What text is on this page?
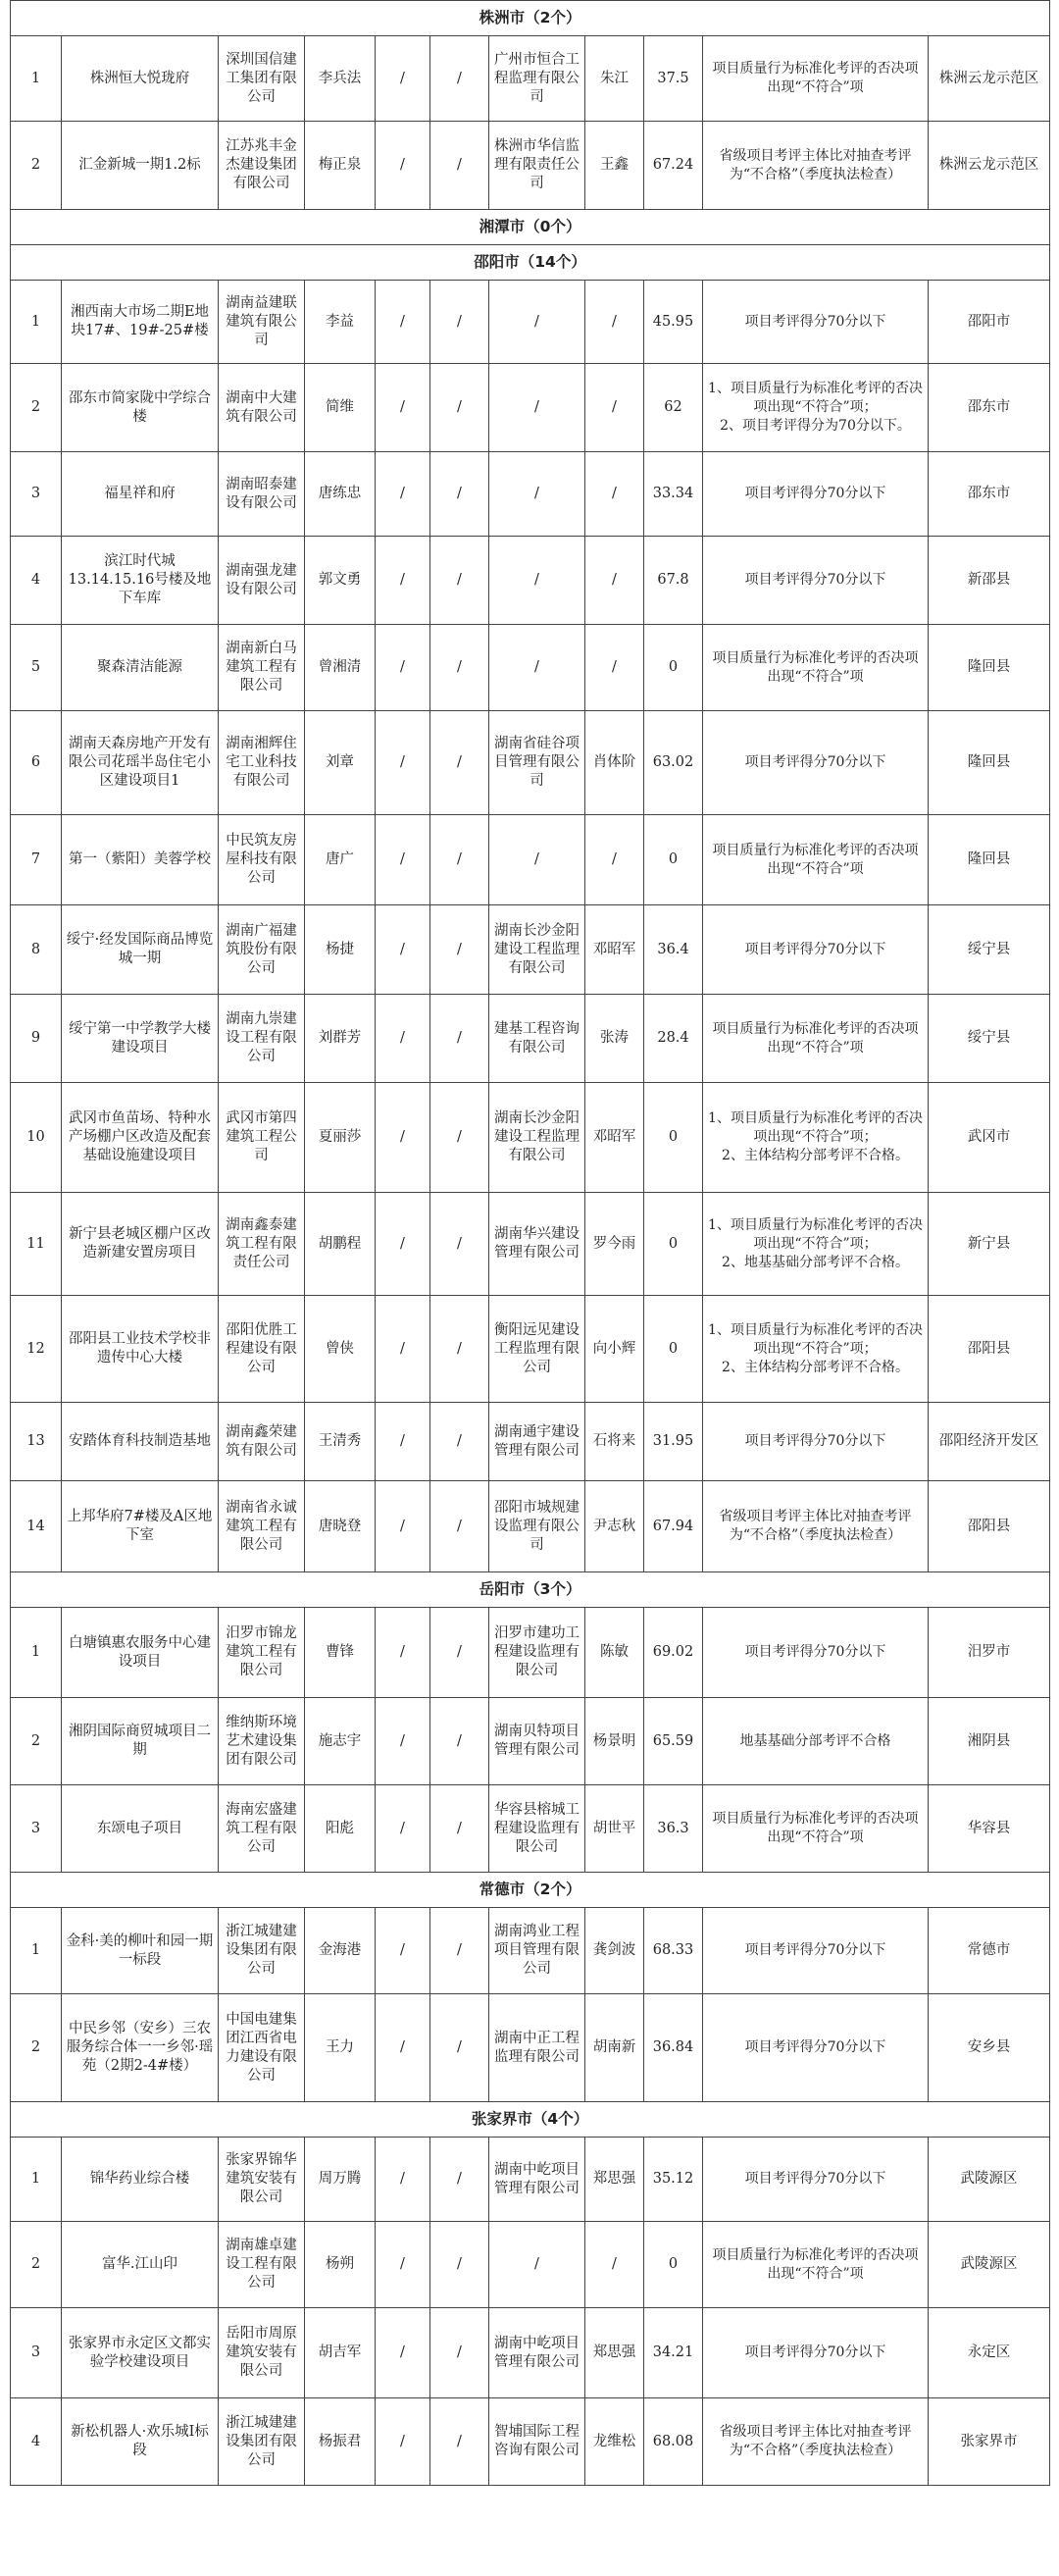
株洲市（2个）										
1	株洲恒大悦珑府	深圳国信建工集团有限公司	李兵法	/	/	广州市恒合工程监理有限公司	朱江	37.5	项目质量行为标准化考评的否决项出现“不符合”项	株洲云龙示范区
2	汇金新城一期1.2标	江苏兆丰金杰建设集团有限公司	梅正泉	/	/	株洲市华信监理有限责任公司	王鑫	67.24	省级项目考评主体比对抽查考评为“不合格”（季度执法检查）	株洲云龙示范区
湘潭市（0个）										
邵阳市（14个）										
1	湘西南大市场二期E地块17#、19#-25#楼	湖南益建联建筑有限公司	李益	/	/	/	/	45.95	项目考评得分70分以下	邵阳市
2	邵东市简家陇中学综合楼	湖南中大建筑有限公司	简维	/	/	/	/	62	1、项目质量行为标准化考评的否决项出现“不符合”项；
2、项目考评得分为70分以下。	邵东市
3	福星祥和府	湖南昭泰建设有限公司	唐练忠	/	/	/	/	33.34	项目考评得分70分以下	邵东市
4	滨江时代城13.14.15.16号楼及地下车库	湖南强龙建设有限公司	郭文勇	/	/	/	/	67.8	项目考评得分70分以下	新邵县
5	聚森清洁能源	湖南新白马建筑工程有限公司	曾湘清	/	/	/	/	0	项目质量行为标准化考评的否决项出现“不符合”项	隆回县
6	湖南天森房地产开发有限公司花瑶半岛住宅小区建设项目1	湖南湘辉住宅工业科技有限公司	刘章	/	/	湖南省硅谷项目管理有限公司	肖体阶	63.02	项目考评得分70分以下	隆回县
7	第一（紫阳）美蓉学校	中民筑友房屋科技有限公司	唐广	/	/	/	/	0	项目质量行为标准化考评的否决项出现“不符合”项	隆回县
8	绥宁·经发国际商品博览城一期	湖南广福建筑股份有限公司	杨捷	/	/	湖南长沙金阳建设工程监理有限公司	邓昭军	36.4	项目考评得分70分以下	绥宁县
9	绥宁第一中学教学大楼建设项目	湖南九崇建设工程有限公司	刘群芳	/	/	建基工程咨询有限公司	张涛	28.4	项目质量行为标准化考评的否决项出现“不符合”项	绥宁县
10	武冈市鱼苗场、特种水产场棚户区改造及配套基础设施建设项目	武冈市第四建筑工程公司	夏丽莎	/	/	湖南长沙金阳建设工程监理有限公司	邓昭军	0	1、项目质量行为标准化考评的否决项出现“不符合”项；
2、主体结构分部考评不合格。	武冈市
11	新宁县老城区棚户区改造新建安置房项目	湖南鑫泰建筑工程有限责任公司	胡鹏程	/	/	湖南华兴建设管理有限公司	罗今雨	0	1、项目质量行为标准化考评的否决项出现“不符合”项；
2、地基基础分部考评不合格。	新宁县
12	邵阳县工业技术学校非遗传中心大楼	邵阳优胜工程建设有限公司	曾侠	/	/	衡阳远见建设工程监理有限公司	向小辉	0	1、项目质量行为标准化考评的否决项出现“不符合”项；
2、主体结构分部考评不合格。	邵阳县
13	安踏体育科技制造基地	湖南鑫荣建筑有限公司	王清秀	/	/	湖南通宇建设管理有限公司	石将来	31.95	项目考评得分70分以下	邵阳经济开发区
14	上邦华府7#楼及A区地下室	湖南省永诚建筑工程有限公司	唐晓登	/	/	邵阳市城规建设监理有限公司	尹志秋	67.94	省级项目考评主体比对抽查考评为“不合格”（季度执法检查）	邵阳县
岳阳市（3个）										
1	白塘镇惠农服务中心建设项目	汨罗市锦龙建筑工程有限公司	曹锋	/	/	汨罗市建功工程建设监理有限公司	陈敏	69.02	项目考评得分70分以下	汨罗市
2	湘阴国际商贸城项目二期	维纳斯环境艺术建设集团有限公司	施志宇	/	/	湖南贝特项目管理有限公司	杨景明	65.59	地基基础分部考评不合格	湘阴县
3	东颂电子项目	海南宏盛建筑工程有限公司	阳彪	/	/	华容县榕城工程建设监理有限公司	胡世平	36.3	项目质量行为标准化考评的否决项出现“不符合”项	华容县
常德市（2个）										
1	金科·美的柳叶和园一期一标段	浙江城建建设集团有限公司	金海港	/	/	湖南鸿业工程项目管理有限公司	龚剑波	68.33	项目考评得分70分以下	常德市
2	中民乡邻（安乡）三农服务综合体一一乡邻·瑶苑（2期2-4#楼）	中国电建集团江西省电力建设有限公司	王力	/	/	湖南中正工程监理有限公司	胡南新	36.84	项目考评得分70分以下	安乡县
张家界市（4个）										
1	锦华药业综合楼	张家界锦华建筑安装有限公司	周万腾	/	/	湖南中屹项目管理有限公司	郑思强	35.12	项目考评得分70分以下	武陵源区
2	富华.江山印	湖南雄卓建设工程有限公司	杨朔	/	/	/	/	0	项目质量行为标准化考评的否决项出现“不符合”项	武陵源区
3	张家界市永定区文都实验学校建设项目	岳阳市周原建筑安装有限公司	胡吉军	/	/	湖南中屹项目管理有限公司	郑思强	34.21	项目考评得分70分以下	永定区
4	新松机器人·欢乐城Ⅰ标段	浙江城建建设集团有限公司	杨振君	/	/	智埔国际工程咨询有限公司	龙维松	68.08	省级项目考评主体比对抽查考评为“不合格”（季度执法检查）	张家界市
